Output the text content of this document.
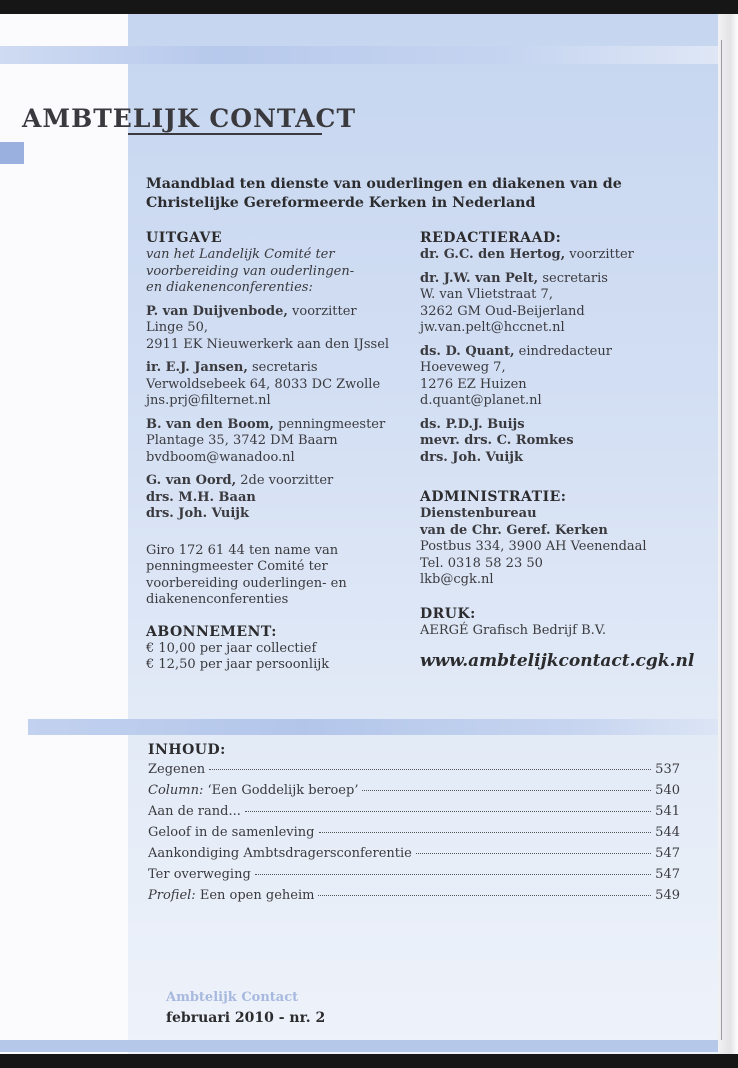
AMBTELIJK CONTACT
Maandblad ten dienste van ouderlingen en diakenen van de
Christelijke Gereformeerde Kerken in Nederland
UITGAVE
van het Landelijk Comité ter
voorbereiding van ouderlingen-
en diakenenconferenties:
P. van Duijvenbode, voorzitter
Linge 50,
2911 EK Nieuwerkerk aan den IJssel
ir. E.J. Jansen, secretaris
Verwoldsebeek 64, 8033 DC Zwolle
jns.prj@filternet.nl
B. van den Boom, penningmeester
Plantage 35, 3742 DM Baarn
bvdboom@wanadoo.nl
G. van Oord, 2de voorzitter
drs. M.H. Baan
drs. Joh. Vuijk
Giro 172 61 44 ten name van
penningmeester Comité ter
voorbereiding ouderlingen- en
diakenenconferenties
ABONNEMENT:
€ 10,00 per jaar collectief
€ 12,50 per jaar persoonlijk
REDACTIERAAD:
dr. G.C. den Hertog, voorzitter
dr. J.W. van Pelt, secretaris
W. van Vlietstraat 7,
3262 GM Oud-Beijerland
jw.van.pelt@hccnet.nl
ds. D. Quant, eindredacteur
Hoeveweg 7,
1276 EZ Huizen
d.quant@planet.nl
ds. P.D.J. Buijs
mevr. drs. C. Romkes
drs. Joh. Vuijk
ADMINISTRATIE:
Dienstenbureau
van de Chr. Geref. Kerken
Postbus 334, 3900 AH Veenendaal
Tel. 0318 58 23 50
lkb@cgk.nl
DRUK:
AERGÉ Grafisch Bedrijf B.V.
www.ambtelijkcontact.cgk.nl
INHOUD:
Zegenen	537
Column: ‘Een Goddelijk beroep’	540
Aan de rand...	541
Geloof in de samenleving	544
Aankondiging Ambtsdragersconferentie	547
Ter overweging	547
Profiel: Een open geheim	549
Ambtelijk Contact
februari 2010 - nr. 2
